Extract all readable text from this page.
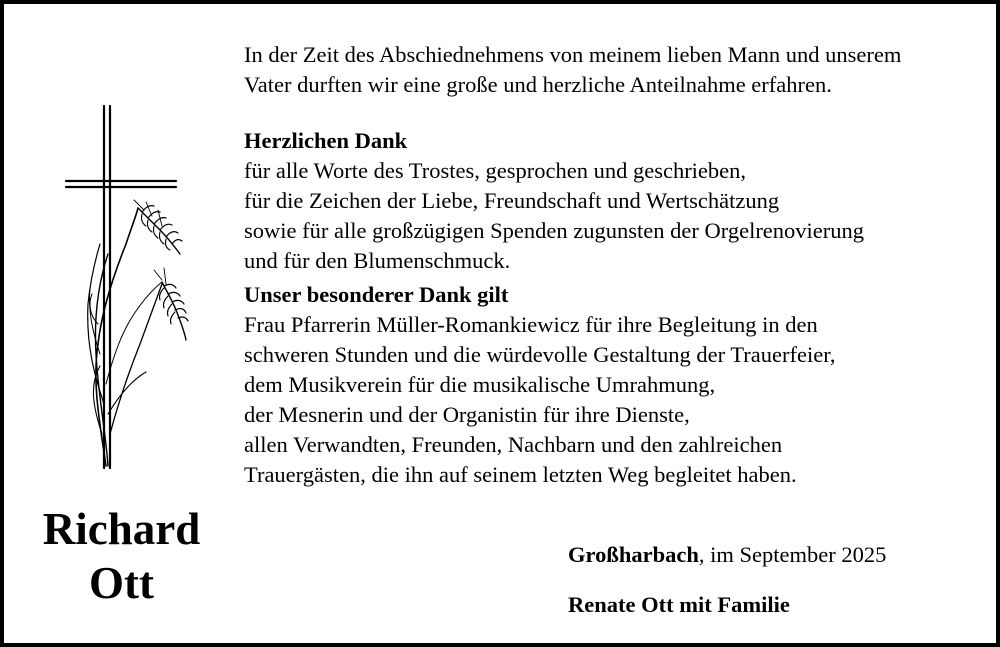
Richard
Ott

In der Zeit des Abschiednehmens von meinem lieben Mann und unserem
Vater durften wir eine große und herzliche Anteilnahme erfahren.

Herzlichen Dank
für alle Worte des Trostes, gesprochen und geschrieben,
für die Zeichen der Liebe, Freundschaft und Wertschätzung
sowie für alle großzügigen Spenden zugunsten der Orgelrenovierung
und für den Blumenschmuck.

Unser besonderer Dank gilt
Frau Pfarrerin Müller-Romankiewicz für ihre Begleitung in den
schweren Stunden und die würdevolle Gestaltung der Trauerfeier,
dem Musikverein für die musikalische Umrahmung,
der Mesnerin und der Organistin für ihre Dienste,
allen Verwandten, Freunden, Nachbarn und den zahlreichen
Trauergästen, die ihn auf seinem letzten Weg begleitet haben.

Großharbach, im September 2025
Renate Ott mit Familie
